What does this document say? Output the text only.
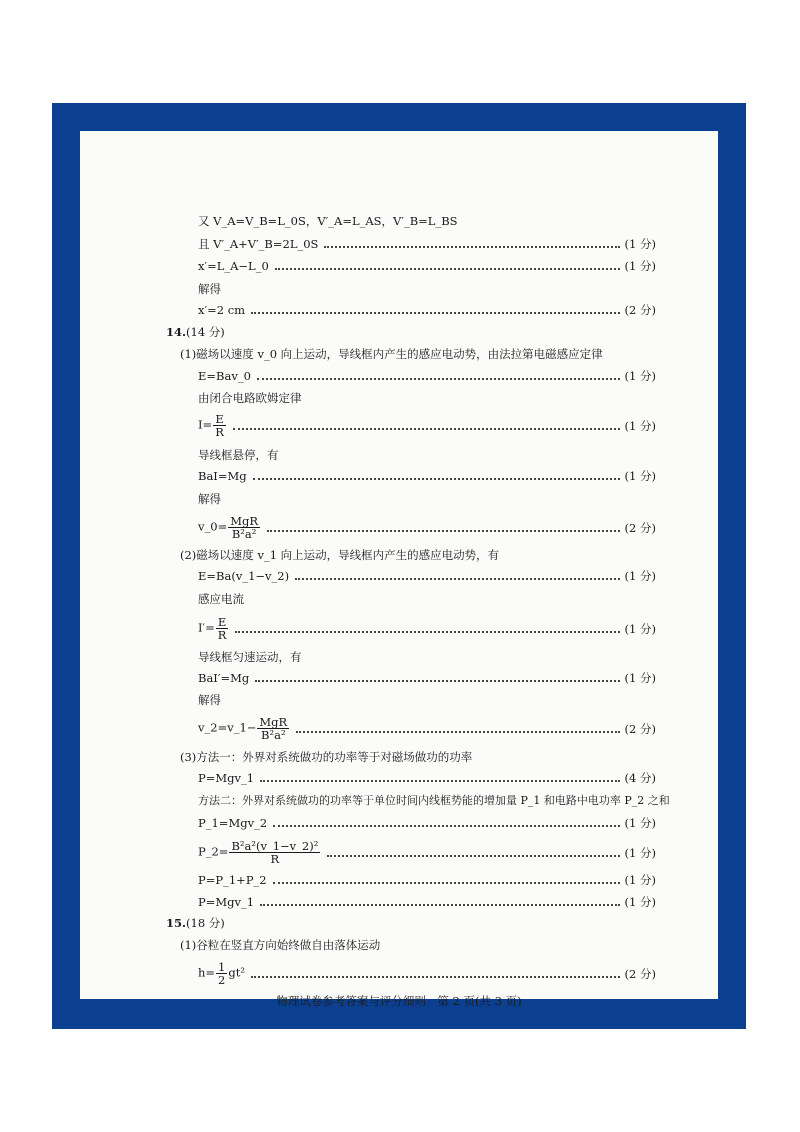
又 V_A=V_B=L_0S，V′_A=L_AS，V′_B=L_BS
且 V′_A+V′_B=2L_0S	(1 分)
x′=L_A−L_0	(1 分)
解得
x′=2 cm	(2 分)
14.(14 分)
(1)磁场以速度 v_0 向上运动，导线框内产生的感应电动势，由法拉第电磁感应定律
E=Bav_0	(1 分)
由闭合电路欧姆定律
$I= \frac{E}{R}$	(1 分)
导线框悬停，有
BaI=Mg	(1 分)
解得
v_0= $\frac{\text{MgR}}{\text{B²a²}}$	(2 分)
(2)磁场以速度 v_1 向上运动，导线框内产生的感应电动势，有
E=Ba(v_1−v_2)	(1 分)
感应电流
$I'= \frac{E}{R}$	(1 分)
导线框匀速运动，有
BaI′=Mg	(1 分)
解得
v_2=v_1− $\frac{\text{MgR}}{\text{B²a²}}$	(2 分)
(3)方法一：外界对系统做功的功率等于对磁场做功的功率
P=Mgv_1	(4 分)
方法二：外界对系统做功的功率等于单位时间内线框势能的增加量 P_1 和电路中电功率 P_2 之和
P_1=Mgv_2	(1 分)
P_2= $\frac{\text{B²a²(v\_1−v\_2)²}}{R}$	(1 分)
P=P_1+P_2	(1 分)
P=Mgv_1	(1 分)
15.(18 分)
(1)谷粒在竖直方向始终做自由落体运动
$h= \frac{1}{2} gt^2$	(2 分)
物理试卷参考答案与评分细则　第 2 页(共 3 页)
